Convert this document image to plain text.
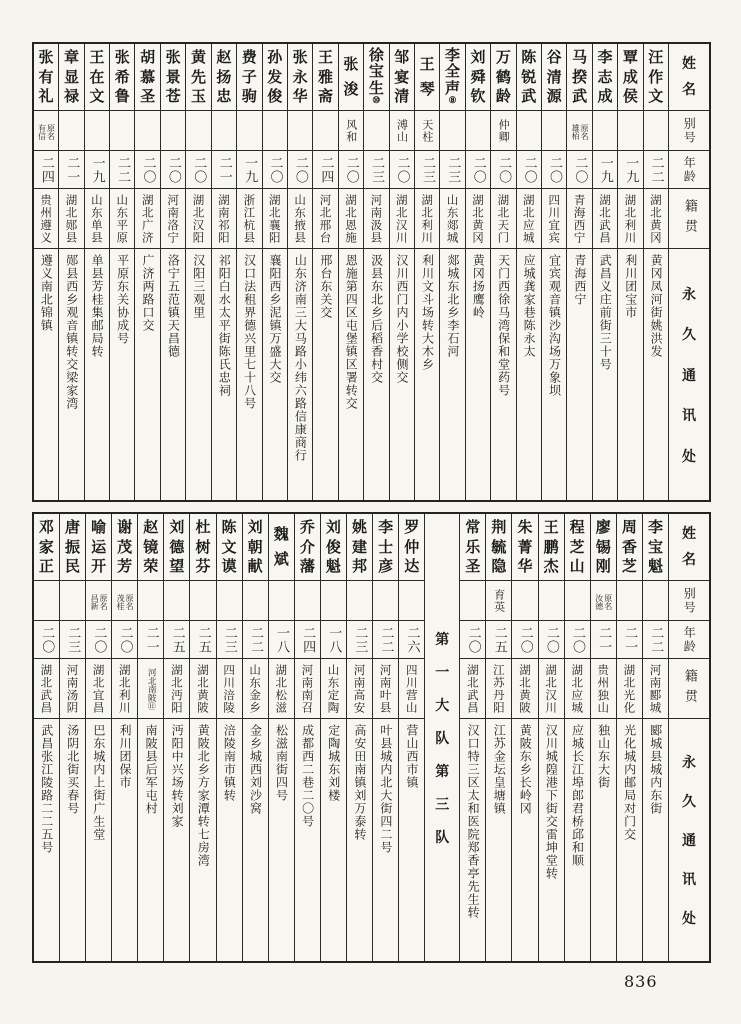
姓
名
别号
年龄
籍贯
永
久
通
讯
处
汪
作
文
二二
湖北黄冈
黄冈凤河街姚洪发
覃
成
侯
一九
湖北利川
利川团宝市
李
志
成
一九
湖北武昌
武昌义庄前街三十号
马
揆
武
原名
雄栢
二〇
青海西宁
青海西宁
谷
清
源
二〇
四川宜宾
宜宾观音镇沙沟场万象坝
陈
锐
武
二〇
湖北应城
应城龚家巷陈永太
万
鹤
龄
仲卿
二〇
湖北天门
天门西徐马湾保和堂药号
刘
舜
钦
二〇
湖北黄冈
黄冈扬鹰岭
李
全
声
⑧
二三
山东郯城
郯城东北乡李石河
王
琴
天柱
二三
湖北利川
利川文斗场转大木乡
邹
宴
清
溥山
二〇
湖北汉川
汉川西门内小学校侧交
徐
宝
生
⑩
二三
河南汲县
汲县东北乡后稻香村交
张
浚
风和
二〇
湖北恩施
恩施第四区屯堡镇区署转交
王
雅
斋
二四
河北邢台
邢台东关交
张
永
华
二〇
山东掖县
山东济南三大马路小纬六路信康商行
孙
发
俊
二〇
湖北襄阳
襄阳西乡泥镇万盛大交
费
子
驹
一九
浙江杭县
汉口法租界德兴里七十八号
赵
扬
忠
二一
湖南祁阳
祁阳白水太平街陈氏忠祠
黄
先
玉
二〇
湖北汉阳
汉阳三观里
张
景
苍
二〇
河南洛宁
洛宁五范镇天昌德
胡
慕
圣
二〇
湖北广济
广济两路口交
张
希
鲁
二二
山东平原
平原东关协成号
王
在
文
一九
山东单县
单县芳桂集邮局转
章
显
禄
二一
湖北郧县
郧县西乡观音镇转交梁家湾
张
有
礼
原名
有信
二四
贵州遵义
遵义南北锦镇
姓
名
别号
年龄
籍贯
永
久
通
讯
处
李
宝
魁
二二
河南郾城
郾城县城内东街
周
香
芝
二一
湖北光化
光化城内邮局对门交
廖
锡
刚
原名
汝德
二一
贵州独山
独山东大街
程
芝
山
二〇
湖北应城
应城长江埠郎君桥邱和顺
王
鹏
杰
二〇
湖北汉川
汉川城隍港下街交雷坤堂转
朱
菁
华
二〇
湖北黄陂
黄陂东乡长岭冈
荆
毓
隐
育英
二五
江苏丹阳
江苏金坛皇塘镇
常
乐
圣
二〇
湖北武昌
汉口特三区太和医院郑香亭先生转
第
一
大
队
第
三
队
罗
仲
达
二六
四川营山
营山西市镇
李
士
彦
二二
河南叶县
叶县城内北大街四二号
姚
建
邦
二三
河南高安
高安田南镇刘万泰转
刘
俊
魁
一八
山东定陶
定陶城东刘楼
乔
介
藩
二四
河南南召
成都西二巷二〇号
魏
斌
一八
湖北松滋
松滋南街四号
刘
朝
献
二二
山东金乡
金乡城西刘沙窝
陈
文
谟
二三
四川涪陵
涪陵南市镇转
杜
树
芬
二五
湖北黄陂
黄陂北乡方家潭转七房湾
刘
德
望
二五
湖北沔阳
沔阳中兴场转刘家
赵
镜
荣
二一
河北南陂⑪
南陂县后军屯村
谢
茂
芳
原名
茂桂
二〇
湖北利川
利川团保市
喻
运
开
原名
昌新
二〇
湖北宜昌
巴东城内上街广生堂
唐
振
民
二三
河南汤阴
汤阴北街买春号
邓
家
正
二〇
湖北武昌
武昌张江陵路二二五号
836
